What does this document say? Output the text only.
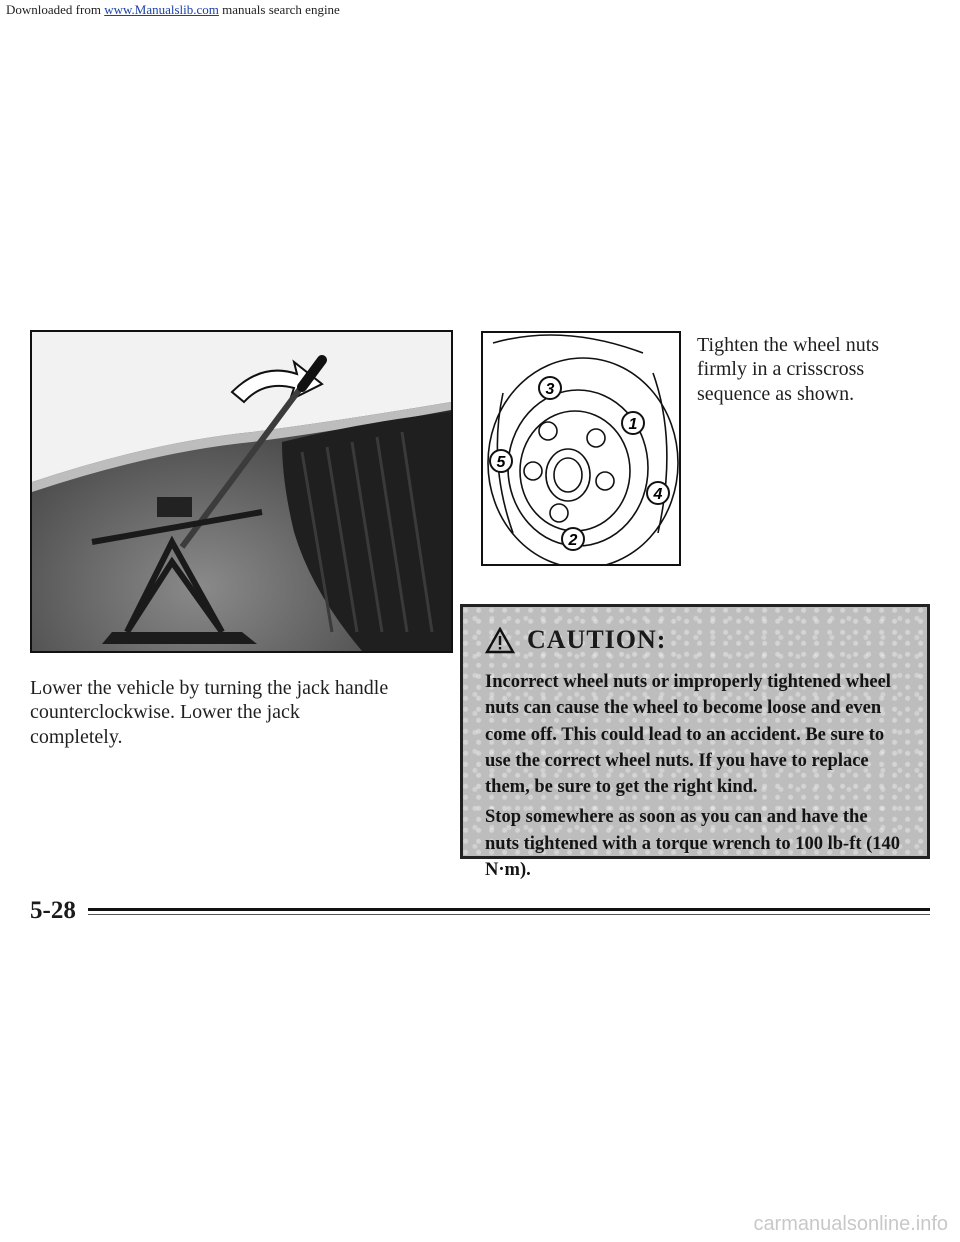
Downloaded from www.Manualslib.com manuals search engine
3
1
5
4
2
Tighten the wheel nuts firmly in a crisscross sequence as shown.
Lower the vehicle by turning the jack handle counterclockwise. Lower the jack completely.
CAUTION:

Incorrect wheel nuts or improperly tightened wheel nuts can cause the wheel to become loose and even come off. This could lead to an accident. Be sure to use the correct wheel nuts. If you have to replace them, be sure to get the right kind.

Stop somewhere as soon as you can and have the nuts tightened with a torque wrench to 100 lb-ft (140 N·m).

5-28
carmanualsonline.info
